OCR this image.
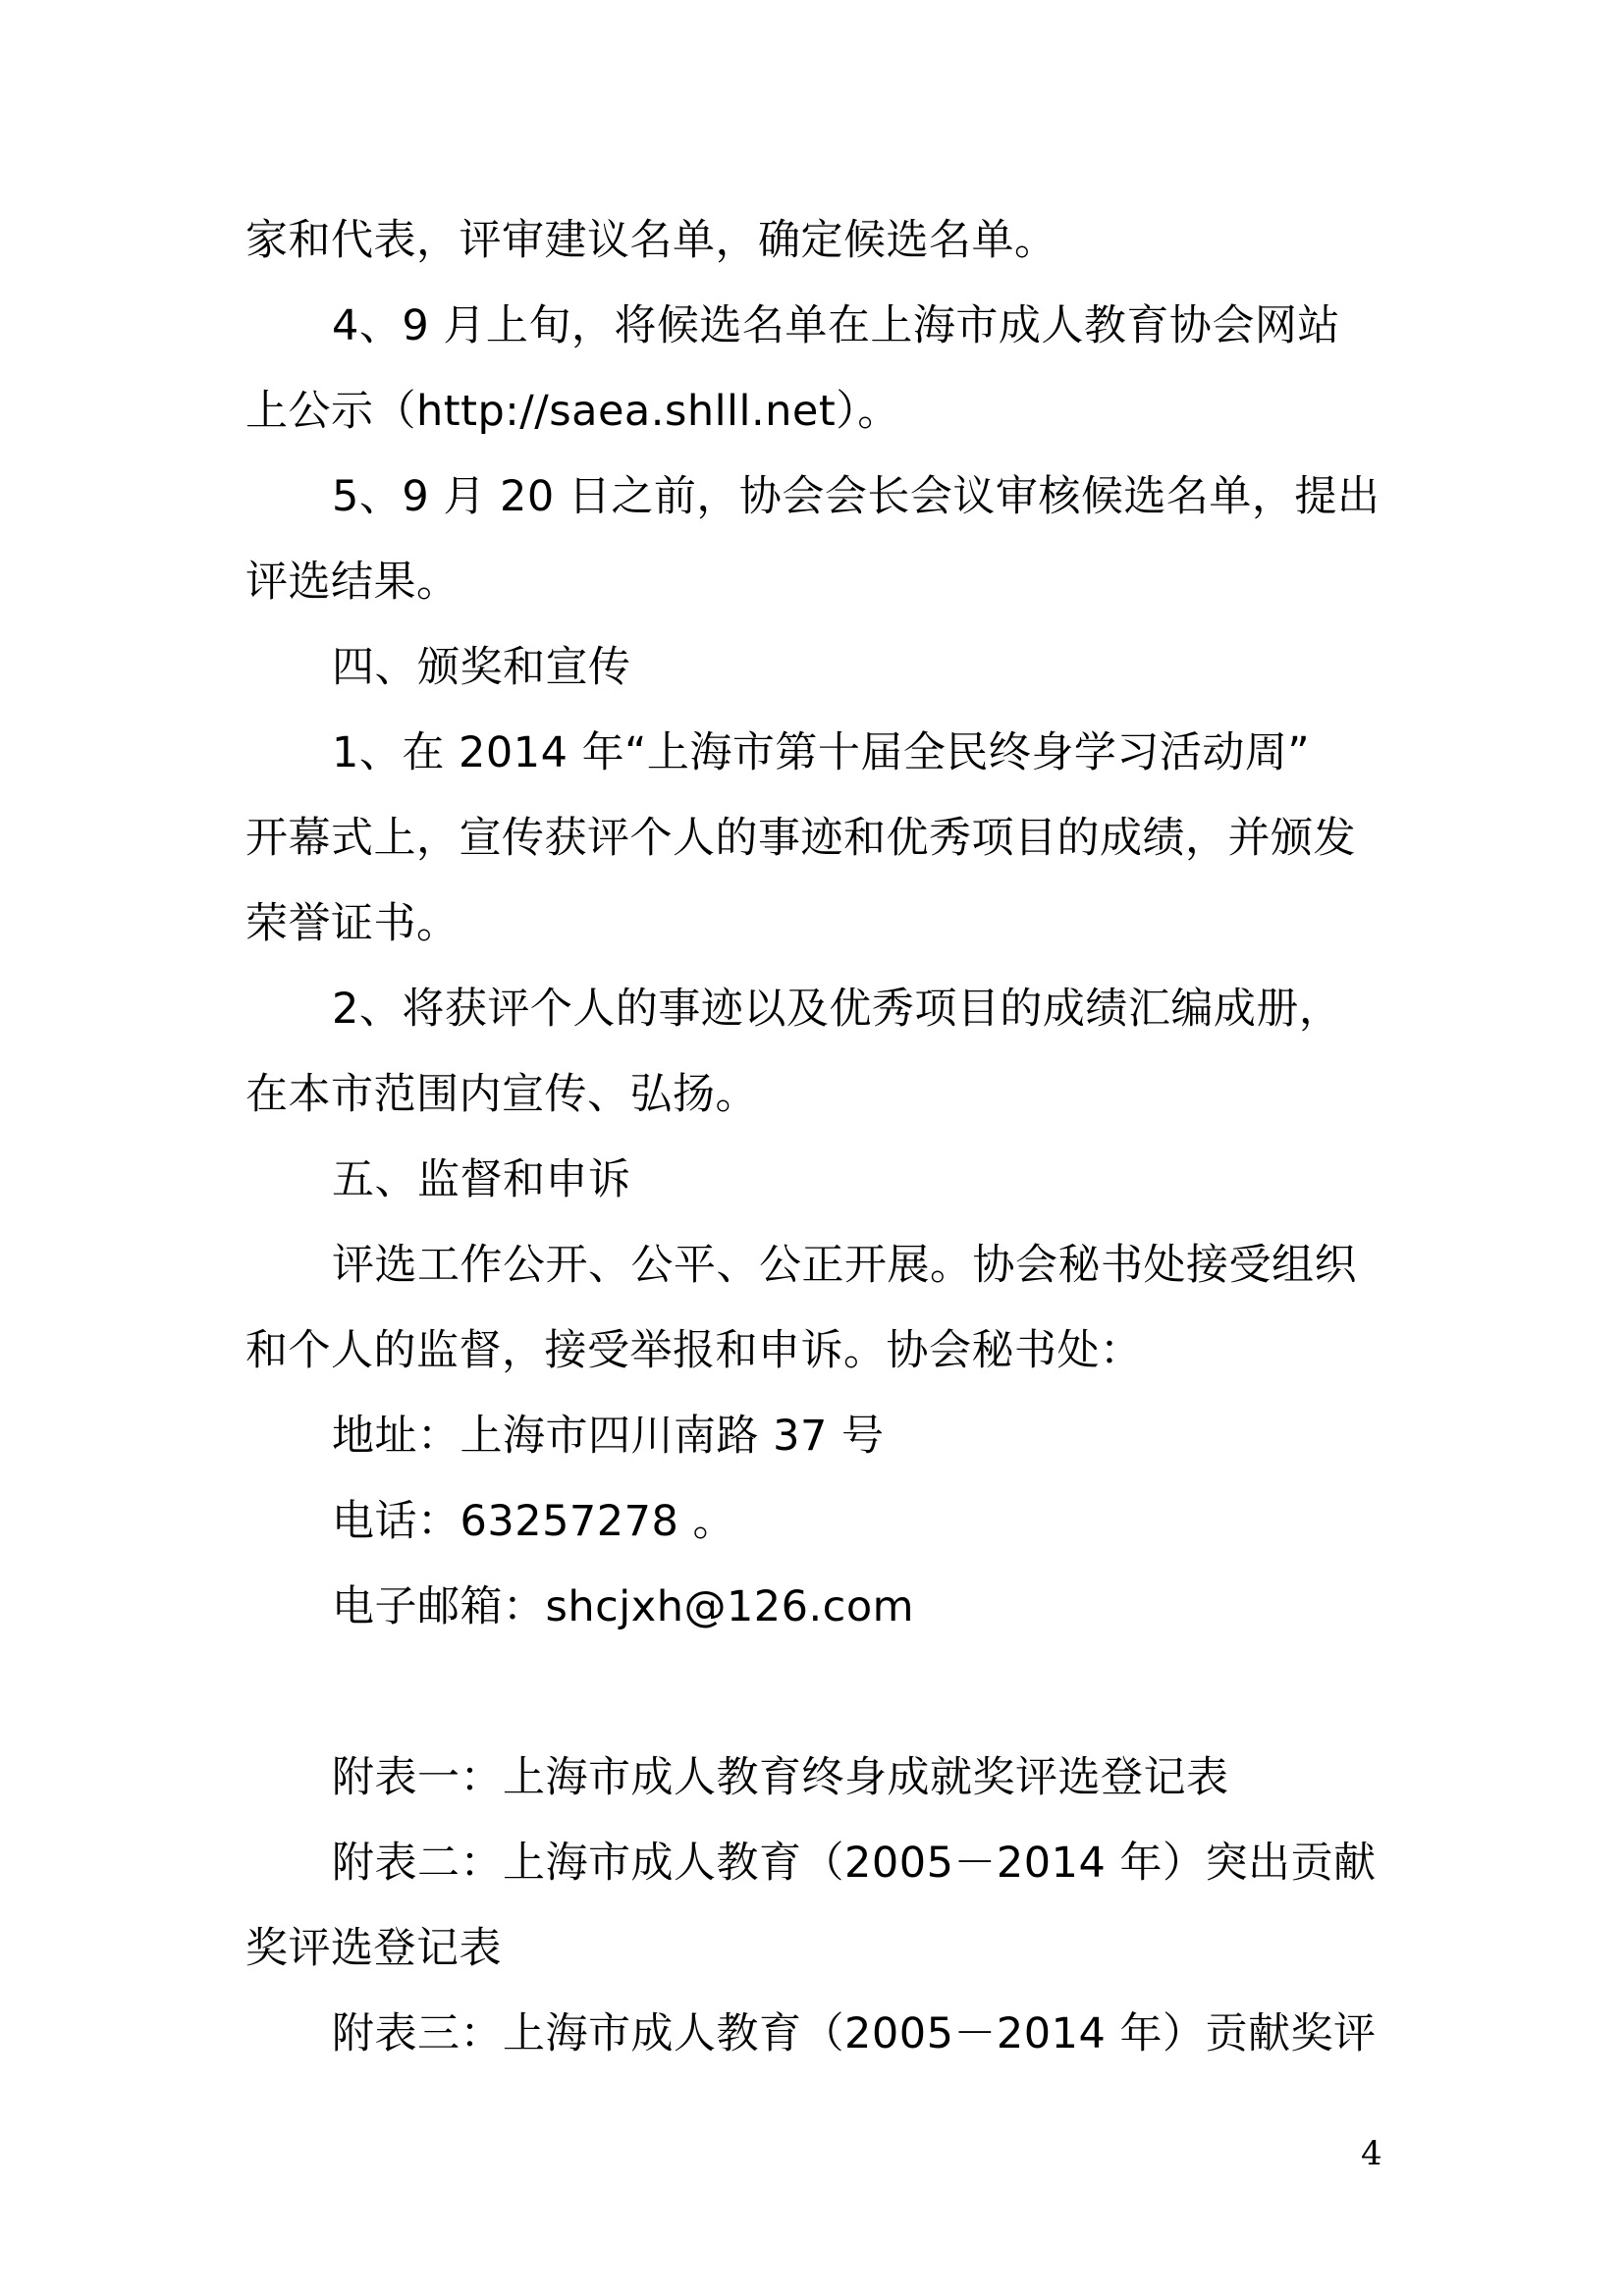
家和代表，评审建议名单，确定候选名单。
4、9 月上旬，将候选名单在上海市成人教育协会网站
上公示（http://saea.shlll.net）。
5、9 月 20 日之前，协会会长会议审核候选名单，提出
评选结果。
四、颁奖和宣传
1、在 2014 年“上海市第十届全民终身学习活动周”
开幕式上，宣传获评个人的事迹和优秀项目的成绩，并颁发
荣誉证书。
2、将获评个人的事迹以及优秀项目的成绩汇编成册，
在本市范围内宣传、弘扬。
五、监督和申诉
评选工作公开、公平、公正开展。协会秘书处接受组织
和个人的监督，接受举报和申诉。协会秘书处：
地址：上海市四川南路 37 号
电话：63257278 。
电子邮箱：shcjxh@126.com
附表一：上海市成人教育终身成就奖评选登记表
附表二：上海市成人教育（2005－2014 年）突出贡献
奖评选登记表
附表三：上海市成人教育（2005－2014 年）贡献奖评
4
